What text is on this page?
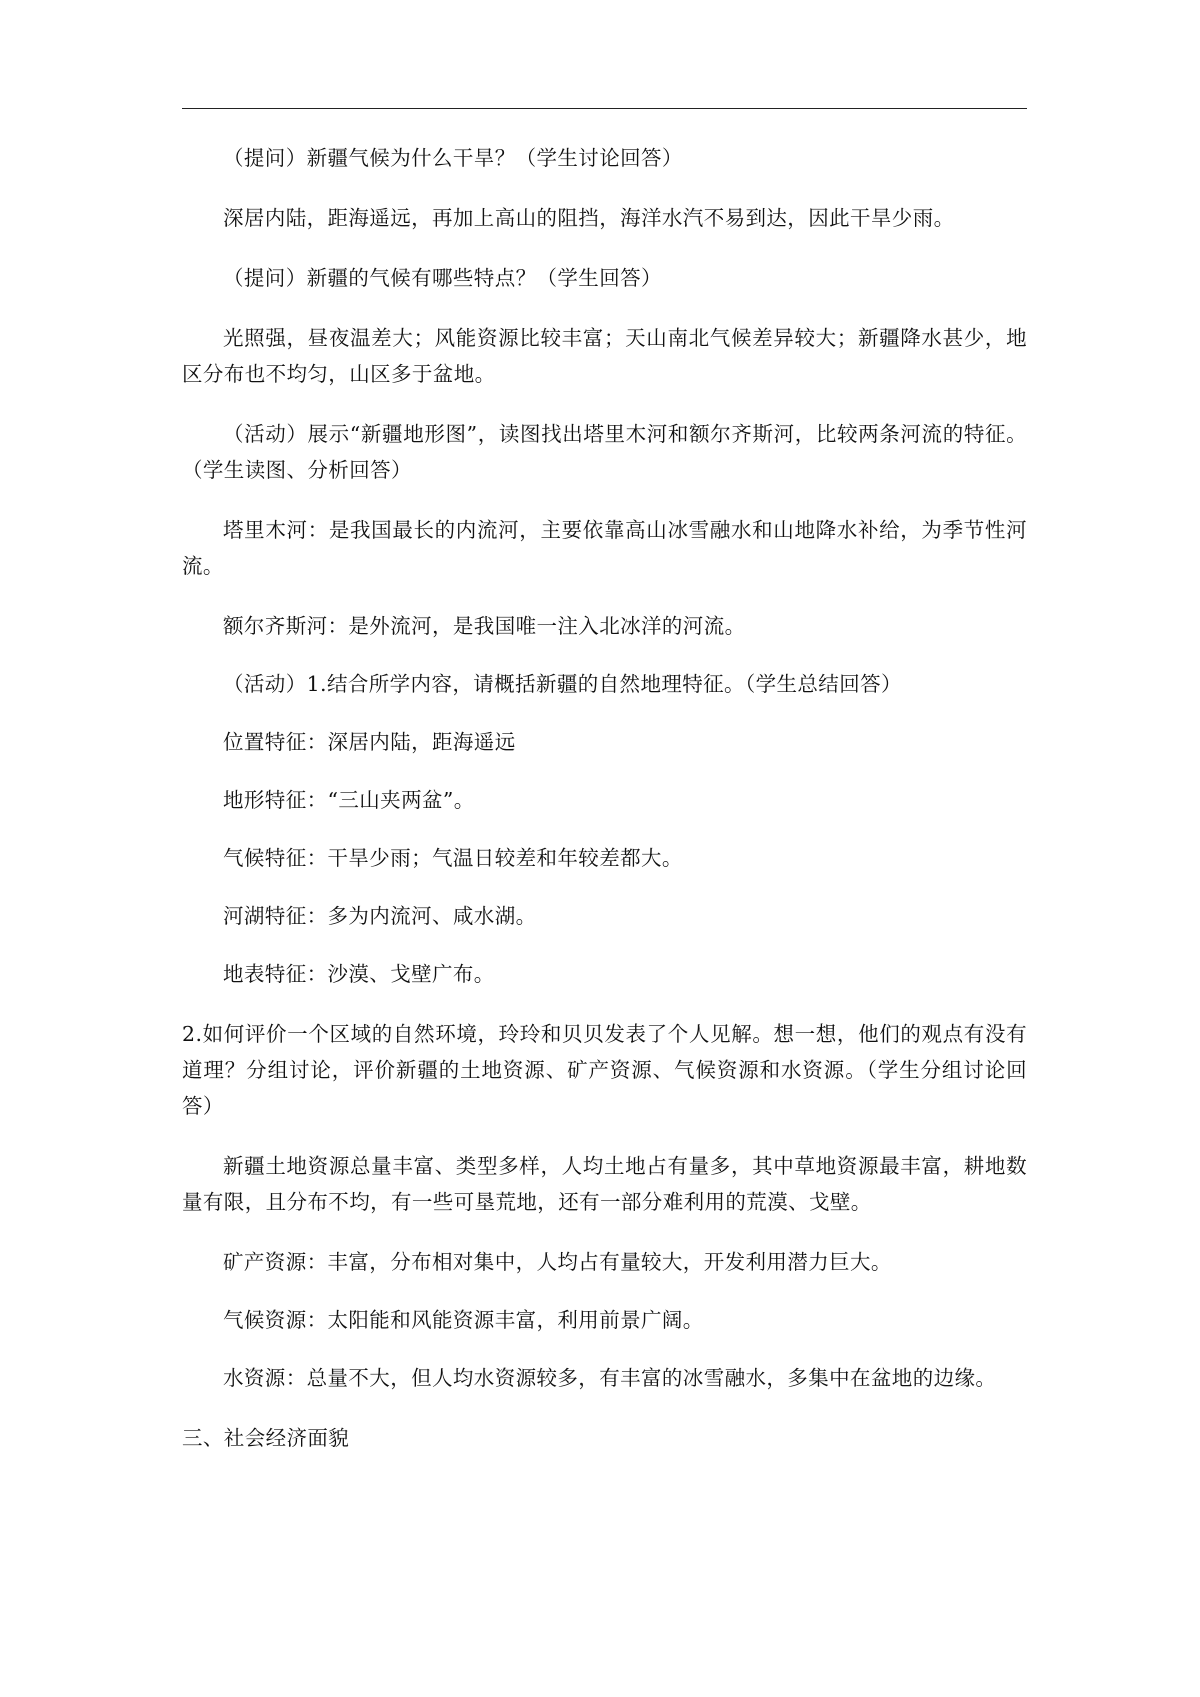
（提问）新疆气候为什么干旱？（学生讨论回答）

深居内陆，距海遥远，再加上高山的阻挡，海洋水汽不易到达，因此干旱少雨。

（提问）新疆的气候有哪些特点？（学生回答）

光照强，昼夜温差大；风能资源比较丰富；天山南北气候差异较大；新疆降水甚少，地区分布也不均匀，山区多于盆地。

（活动）展示“新疆地形图”，读图找出塔里木河和额尔齐斯河，比较两条河流的特征。（学生读图、分析回答）

塔里木河：是我国最长的内流河，主要依靠高山冰雪融水和山地降水补给，为季节性河流。

额尔齐斯河：是外流河，是我国唯一注入北冰洋的河流。

（活动）1.结合所学内容，请概括新疆的自然地理特征。（学生总结回答）

位置特征：深居内陆，距海遥远

地形特征：“三山夹两盆”。

气候特征：干旱少雨；气温日较差和年较差都大。

河湖特征：多为内流河、咸水湖。

地表特征：沙漠、戈壁广布。

2.如何评价一个区域的自然环境，玲玲和贝贝发表了个人见解。想一想，他们的观点有没有道理？分组讨论，评价新疆的土地资源、矿产资源、气候资源和水资源。（学生分组讨论回答）

新疆土地资源总量丰富、类型多样，人均土地占有量多，其中草地资源最丰富，耕地数量有限，且分布不均，有一些可垦荒地，还有一部分难利用的荒漠、戈壁。

矿产资源：丰富，分布相对集中，人均占有量较大，开发利用潜力巨大。

气候资源：太阳能和风能资源丰富，利用前景广阔。

水资源：总量不大，但人均水资源较多，有丰富的冰雪融水，多集中在盆地的边缘。

三、社会经济面貌
